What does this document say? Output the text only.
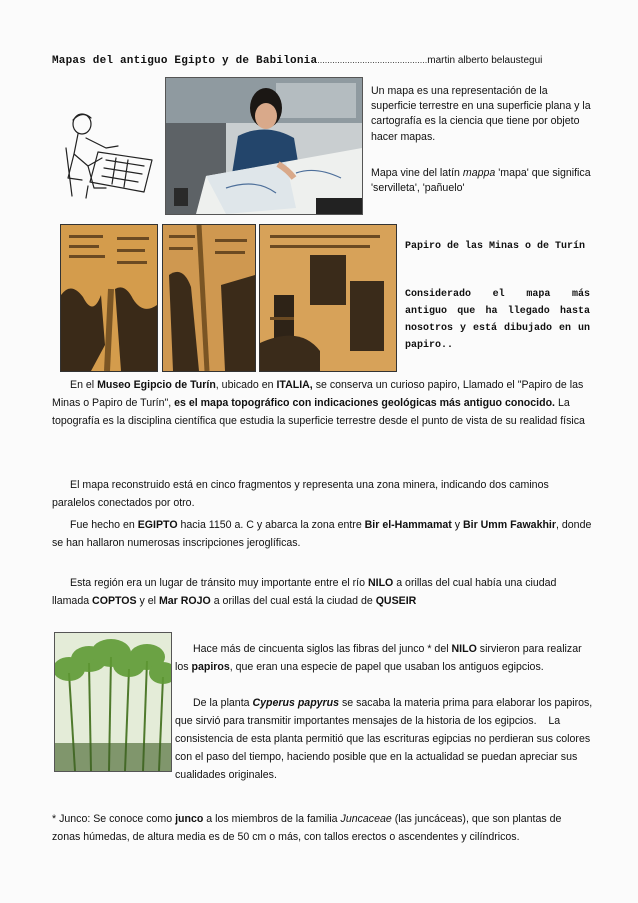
Mapas del antiguo Egipto y de Babilonia............................................martin alberto belaustegui
Un mapa es una representación de la superficie terrestre en una superficie plana y la cartografía es la ciencia que tiene por objeto hacer mapas.
Mapa vine del latín mappa 'mapa' que significa 'servilleta', 'pañuelo'
Papiro de las Minas o de Turín
Considerado el mapa más antiguo que ha llegado hasta nosotros y está dibujado en un papiro..
En el Museo Egipcio de Turín, ubicado en ITALIA, se conserva un curioso papiro, Llamado el "Papiro de las Minas o Papiro de Turín", es el mapa topográfico con indicaciones geológicas más antiguo conocido. La topografía es la disciplina científica que estudia la superficie terrestre desde el punto de vista de su realidad física
El mapa reconstruido está en cinco fragmentos y representa una zona minera, indicando dos caminos paralelos conectados por otro.
Fue hecho en EGIPTO hacia 1150 a. C y abarca la zona entre Bir el-Hammamat y Bir Umm Fawakhir, donde se han hallaron numerosas inscripciones jeroglíficas.
Esta región era un lugar de tránsito muy importante entre el río NILO a orillas del cual había una ciudad llamada COPTOS y el Mar ROJO a orillas del cual está la ciudad de QUSEIR
Hace más de cincuenta siglos las fibras del junco * del NILO sirvieron para realizar los papiros, que eran una especie de papel que usaban los antiguos egipcios.
De la planta Cyperus papyrus se sacaba la materia prima para elaborar los papiros, que sirvió para transmitir importantes mensajes de la historia de los egipcios. La consistencia de esta planta permitió que las escrituras egipcias no perdieran sus colores con el paso del tiempo, haciendo posible que en la actualidad se puedan apreciar sus cualidades originales.
* Junco: Se conoce como junco a los miembros de la familia Juncaceae (las juncáceas), que son plantas de zonas húmedas, de altura media es de 50 cm o más, con tallos erectos o ascendentes y cilíndricos.
